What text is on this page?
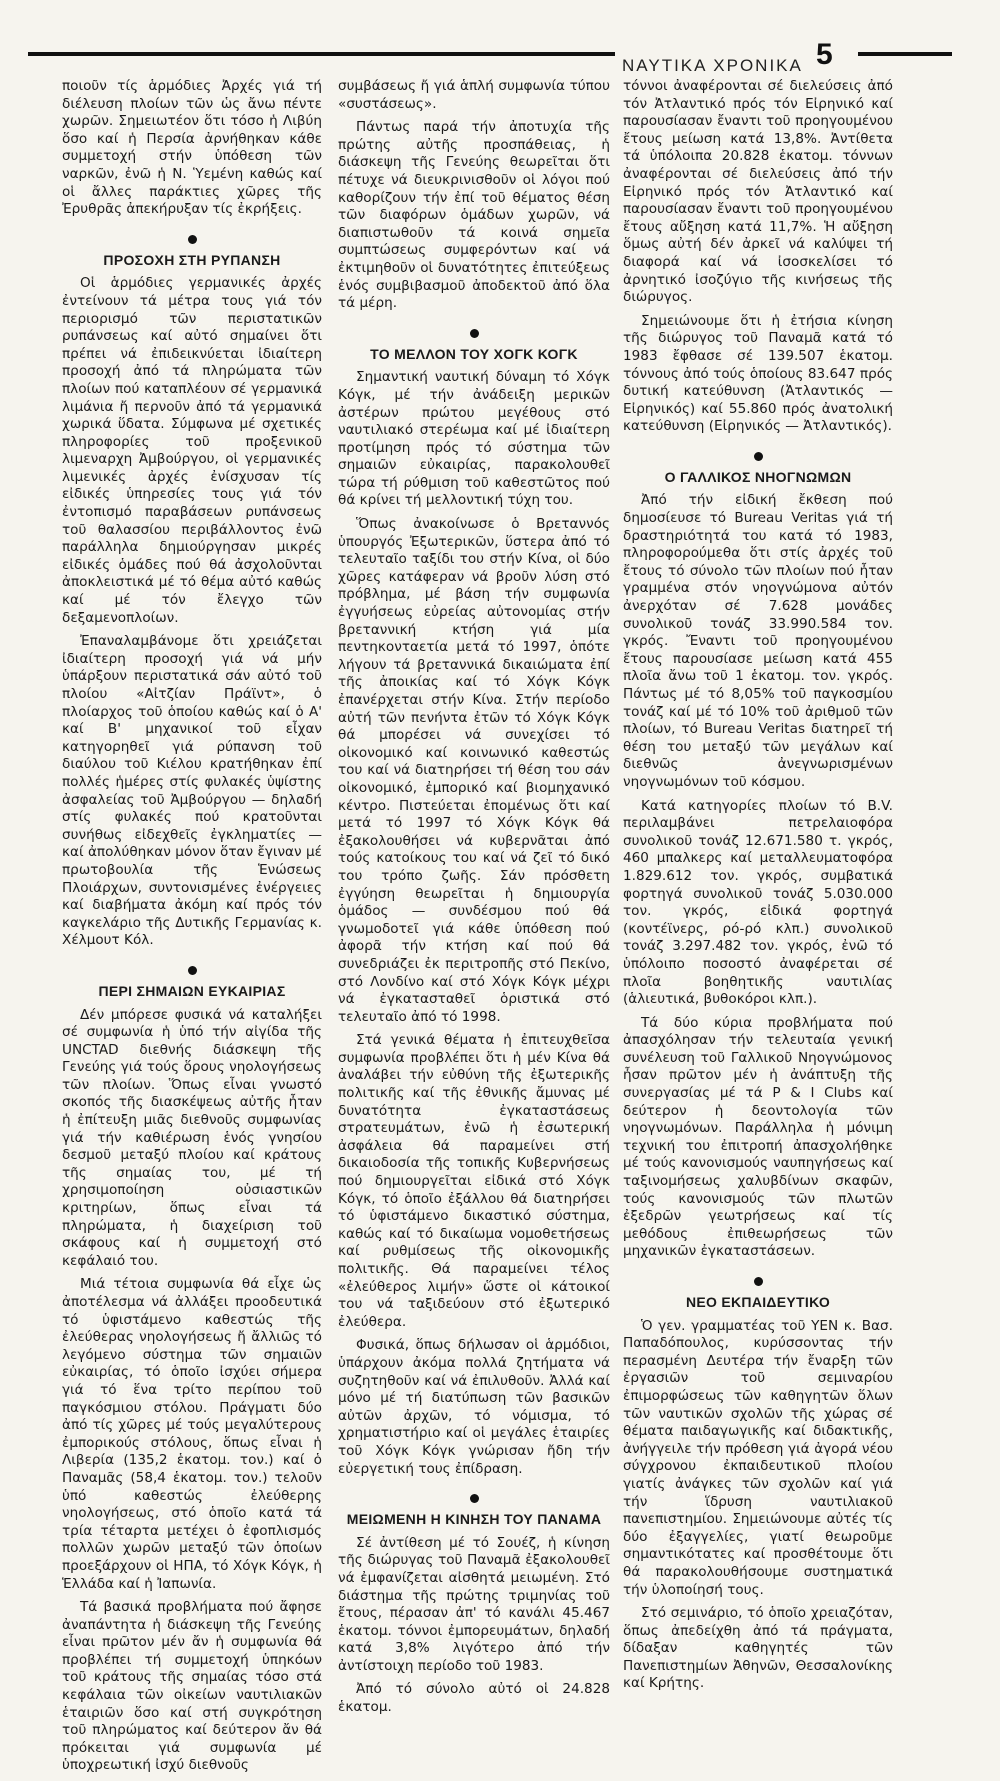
ΝΑΥΤΙΚΑ ΧΡΟΝΙΚΑ 5

ποιοῦν τίς ἁρμόδιες Ἀρχές γιά τή διέλευση πλοίων τῶν ὡς ἄνω πέντε χωρῶν. Σημειωτέον ὅτι τόσο ἡ Λιβύη ὅσο καί ἡ Περσία ἀρνήθηκαν κάθε συμμετοχή στήν ὑπόθεση τῶν ναρκῶν, ἐνῶ ἡ Ν. Ὑεμένη καθώς καί οἱ ἄλλες παράκτιες χῶρες τῆς Ἐρυθρᾶς ἀπεκήρυξαν τίς ἐκρήξεις.

ΠΡΟΣΟΧΗ ΣΤΗ ΡΥΠΑΝΣΗ

Οἱ ἁρμόδιες γερμανικές ἀρχές ἐντείνουν τά μέτρα τους γιά τόν περιορισμό τῶν περιστατικῶν ρυπάνσεως καί αὐτό σημαίνει ὅτι πρέπει νά ἐπιδεικνύεται ἰδιαίτερη προσοχή ἀπό τά πληρώματα τῶν πλοίων πού καταπλέουν σέ γερμανικά λιμάνια ἤ περνοῦν ἀπό τά γερμανικά χωρικά ὕδατα. Σύμφωνα μέ σχετικές πληροφορίες τοῦ προξενικοῦ λιμεναρχη Ἀμβούργου, οἱ γερμανικές λιμενικές ἀρχές ἐνίσχυσαν τίς εἰδικές ὑπηρεσίες τους γιά τόν ἐντοπισμό παραβάσεων ρυπάνσεως τοῦ θαλασσίου περιβάλλοντος ἐνῶ παράλληλα δημιούργησαν μικρές εἰδικές ὁμάδες πού θά ἀσχολοῦνται ἀποκλειστικά μέ τό θέμα αὐτό καθώς καί μέ τόν ἔλεγχο τῶν δεξαμενοπλοίων.

Ἐπαναλαμβάνομε ὅτι χρειάζεται ἰδιαίτερη προσοχή γιά νά μήν ὑπάρξουν περιστατικά σάν αὐτό τοῦ πλοίου «Αἰτζίαν Πράϊντ», ὁ πλοίαρχος τοῦ ὁποίου καθώς καί ὁ Α' καί Β' μηχανικοί τοῦ εἶχαν κατηγορηθεῖ γιά ρύπανση τοῦ διαύλου τοῦ Κιέλου κρατήθηκαν ἐπί πολλές ἡμέρες στίς φυλακές ὑψίστης ἀσφαλείας τοῦ Ἀμβούργου — δηλαδή στίς φυλακές πού κρατοῦνται συνήθως εἰδεχθεῖς ἐγκληματίες — καί ἀπολύθηκαν μόνον ὅταν ἔγιναν μέ πρωτοβουλία τῆς Ἑνώσεως Πλοιάρχων, συντονισμένες ἐνέργειες καί διαβήματα ἀκόμη καί πρός τόν καγκελάριο τῆς Δυτικῆς Γερμανίας κ. Χέλμουτ Κόλ.

ΠΕΡΙ ΣΗΜΑΙΩΝ ΕΥΚΑΙΡΙΑΣ

Δέν μπόρεσε φυσικά νά καταλήξει σέ συμφωνία ἡ ὑπό τήν αἰγίδα τῆς UNCTAD διεθνής διάσκεψη τῆς Γενεύης γιά τούς ὅρους νηολογήσεως τῶν πλοίων. Ὅπως εἶναι γνωστό σκοπός τῆς διασκέψεως αὐτῆς ἦταν ἡ ἐπίτευξη μιᾶς διεθνοῦς συμφωνίας γιά τήν καθιέρωση ἑνός γνησίου δεσμοῦ μεταξύ πλοίου καί κράτους τῆς σημαίας του, μέ τή χρησιμοποίηση οὐσιαστικῶν κριτηρίων, ὅπως εἶναι τά πληρώματα, ἡ διαχείριση τοῦ σκάφους καί ἡ συμμετοχή στό κεφάλαιό του.

Μιά τέτοια συμφωνία θά εἶχε ὡς ἀποτέλεσμα νά ἀλλάξει προοδευτικά τό ὑφιστάμενο καθεστώς τῆς ἐλεύθερας νηολογήσεως ἤ ἄλλιῶς τό λεγόμενο σύστημα τῶν σημαιῶν εὐκαιρίας, τό ὁποῖο ἰσχύει σήμερα γιά τό ἕνα τρίτο περίπου τοῦ παγκόσμιου στόλου. Πράγματι δύο ἀπό τίς χῶρες μέ τούς μεγαλύτερους ἐμπορικούς στόλους, ὅπως εἶναι ἡ Λιβερία (135,2 ἑκατομ. τον.) καί ὁ Παναμᾶς (58,4 ἑκατομ. τον.) τελοῦν ὑπό καθεστώς ἐλεύθερης νηολογήσεως, στό ὁποῖο κατά τά τρία τέταρτα μετέχει ὁ ἐφοπλισμός πολλῶν χωρῶν μεταξύ τῶν ὁποίων προεξάρχουν οἱ ΗΠΑ, τό Χόγκ Κόγκ, ἡ Ἑλλάδα καί ἡ Ἰαπωνία.

Τά βασικά προβλήματα πού ἄφησε ἀναπάντητα ἡ διάσκεψη τῆς Γενεύης εἶναι πρῶτον μέν ἄν ἡ συμφωνία θά προβλέπει τή συμμετοχή ὑπηκόων τοῦ κράτους τῆς σημαίας τόσο στά κεφάλαια τῶν οἰκείων ναυτιλιακῶν ἑταιριῶν ὅσο καί στή συγκρότηση τοῦ πληρώματος καί δεύτερον ἄν θά πρόκειται γιά συμφωνία μέ ὑποχρεωτική ἰσχύ διεθνοῦς

συμβάσεως ἤ γιά ἁπλή συμφωνία τύπου «συστάσεως».

Πάντως παρά τήν ἀποτυχία τῆς πρώτης αὐτῆς προσπάθειας, ἡ διάσκεψη τῆς Γενεύης θεωρεῖται ὅτι πέτυχε νά διευκρινισθοῦν οἱ λόγοι πού καθορίζουν τήν ἐπί τοῦ θέματος θέση τῶν διαφόρων ὁμάδων χωρῶν, νά διαπιστωθοῦν τά κοινά σημεῖα συμπτώσεως συμφερόντων καί νά ἐκτιμηθοῦν οἱ δυνατότητες ἐπιτεύξεως ἑνός συμβιβασμοῦ ἀποδεκτοῦ ἀπό ὅλα τά μέρη.

ΤΟ ΜΕΛΛΟΝ ΤΟΥ ΧΟΓΚ ΚΟΓΚ

Σημαντική ναυτική δύναμη τό Χόγκ Κόγκ, μέ τήν ἀνάδειξη μερικῶν ἀστέρων πρώτου μεγέθους στό ναυτιλιακό στερέωμα καί μέ ἰδιαίτερη προτίμηση πρός τό σύστημα τῶν σημαιῶν εὐκαιρίας, παρακολουθεῖ τώρα τή ρύθμιση τοῦ καθεστῶτος πού θά κρίνει τή μελλοντική τύχη του.

Ὅπως ἀνακοίνωσε ὁ Βρεταννός ὑπουργός Ἐξωτερικῶν, ὕστερα ἀπό τό τελευταῖο ταξίδι του στήν Κίνα, οἱ δύο χῶρες κατάφεραν νά βροῦν λύση στό πρόβλημα, μέ βάση τήν συμφωνία ἐγγυήσεως εὐρείας αὐτονομίας στήν βρεταννική κτήση γιά μία πεντηκονταετία μετά τό 1997, ὁπότε λήγουν τά βρεταννικά δικαιώματα ἐπί τῆς ἀποικίας καί τό Χόγκ Κόγκ ἐπανέρχεται στήν Κίνα. Στήν περίοδο αὐτή τῶν πενήντα ἐτῶν τό Χόγκ Κόγκ θά μπορέσει νά συνεχίσει τό οἰκονομικό καί κοινωνικό καθεστώς του καί νά διατηρήσει τή θέση του σάν οἰκονομικό, ἐμπορικό καί βιομηχανικό κέντρο. Πιστεύεται ἐπομένως ὅτι καί μετά τό 1997 τό Χόγκ Κόγκ θά ἐξακολουθήσει νά κυβερνᾶται ἀπό τούς κατοίκους του καί νά ζεῖ τό δικό του τρόπο ζωῆς. Σάν πρόσθετη ἐγγύηση θεωρεῖται ἡ δημιουργία ὁμάδος — συνδέσμου πού θά γνωμοδοτεῖ γιά κάθε ὑπόθεση πού ἀφορᾶ τήν κτήση καί πού θά συνεδριάζει ἐκ περιτροπῆς στό Πεκίνο, στό Λονδίνο καί στό Χόγκ Κόγκ μέχρι νά ἐγκατασταθεῖ ὁριστικά στό τελευταῖο ἀπό τό 1998.

Στά γενικά θέματα ἡ ἐπιτευχθεῖσα συμφωνία προβλέπει ὅτι ἡ μέν Κίνα θά ἀναλάβει τήν εὐθύνη τῆς ἐξωτερικῆς πολιτικῆς καί τῆς ἐθνικῆς ἄμυνας μέ δυνατότητα ἐγκαταστάσεως στρατευμάτων, ἐνῶ ἡ ἐσωτερική ἀσφάλεια θά παραμείνει στή δικαιοδοσία τῆς τοπικῆς Κυβερνήσεως πού δημιουργεῖται εἰδικά στό Χόγκ Κόγκ, τό ὁποῖο ἐξάλλου θά διατηρήσει τό ὑφιστάμενο δικαστικό σύστημα, καθώς καί τό δικαίωμα νομοθετήσεως καί ρυθμίσεως τῆς οἰκονομικῆς πολιτικῆς. Θά παραμείνει τέλος «ἐλεύθερος λιμήν» ὥστε οἱ κάτοικοί του νά ταξιδεύουν στό ἐξωτερικό ἐλεύθερα.

Φυσικά, ὅπως δήλωσαν οἱ ἁρμόδιοι, ὑπάρχουν ἀκόμα πολλά ζητήματα νά συζητηθοῦν καί νά ἐπιλυθοῦν. Ἀλλά καί μόνο μέ τή διατύπωση τῶν βασικῶν αὐτῶν ἀρχῶν, τό νόμισμα, τό χρηματιστήριο καί οἱ μεγάλες ἑταιρίες τοῦ Χόγκ Κόγκ γνώρισαν ἤδη τήν εὐεργετική τους ἐπίδραση.

ΜΕΙΩΜΕΝΗ Η ΚΙΝΗΣΗ ΤΟΥ ΠΑΝΑΜΑ

Σέ ἀντίθεση μέ τό Σουέζ, ἡ κίνηση τῆς διώρυγας τοῦ Παναμᾶ ἐξακολουθεῖ νά ἐμφανίζεται αἰσθητά μειωμένη. Στό διάστημα τῆς πρώτης τριμηνίας τοῦ ἔτους, πέρασαν ἀπ' τό κανάλι 45.467 ἑκατομ. τόννοι ἐμπορευμάτων, δηλαδή κατά 3,8% λιγότερο ἀπό τήν ἀντίστοιχη περίοδο τοῦ 1983.

Ἀπό τό σύνολο αὐτό οἱ 24.828 ἑκατομ.

τόννοι ἀναφέρονται σέ διελεύσεις ἀπό τόν Ἀτλαντικό πρός τόν Εἰρηνικό καί παρουσίασαν ἔναντι τοῦ προηγουμένου ἔτους μείωση κατά 13,8%. Ἀντίθετα τά ὑπόλοιπα 20.828 ἑκατομ. τόννων ἀναφέρονται σέ διελεύσεις ἀπό τήν Εἰρηνικό πρός τόν Ἀτλαντικό καί παρουσίασαν ἔναντι τοῦ προηγουμένου ἔτους αὔξηση κατά 11,7%. Ἡ αὔξηση ὅμως αὐτή δέν ἀρκεῖ νά καλύψει τή διαφορά καί νά ἰσοσκελίσει τό ἀρνητικό ἰσοζύγιο τῆς κινήσεως τῆς διώρυγος.

Σημειώνουμε ὅτι ἡ ἐτήσια κίνηση τῆς διώρυγος τοῦ Παναμᾶ κατά τό 1983 ἔφθασε σέ 139.507 ἑκατομ. τόννους ἀπό τούς ὁποίους 83.647 πρός δυτική κατεύθυνση (Ἀτλαντικός — Εἰρηνικός) καί 55.860 πρός ἀνατολική κατεύθυνση (Εἰρηνικός — Ἀτλαντικός).

Ο ΓΑΛΛΙΚΟΣ ΝΗΟΓΝΩΜΩΝ

Ἀπό τήν εἰδική ἔκθεση πού δημοσίευσε τό Bureau Veritas γιά τή δραστηριότητά του κατά τό 1983, πληροφορούμεθα ὅτι στίς ἀρχές τοῦ ἔτους τό σύνολο τῶν πλοίων πού ἦταν γραμμένα στόν νηογνώμονα αὐτόν ἀνερχόταν σέ 7.628 μονάδες συνολικοῦ τονάζ 33.990.584 τον. γκρός. Ἔναντι τοῦ προηγουμένου ἔτους παρουσίασε μείωση κατά 455 πλοῖα ἄνω τοῦ 1 ἑκατομ. τον. γκρός. Πάντως μέ τό 8,05% τοῦ παγκοσμίου τονάζ καί μέ τό 10% τοῦ ἀριθμοῦ τῶν πλοίων, τό Bureau Veritas διατηρεῖ τή θέση του μεταξύ τῶν μεγάλων καί διεθνῶς ἀνεγνωρισμένων νηογνωμόνων τοῦ κόσμου.

Κατά κατηγορίες πλοίων τό Β.V. περιλαμβάνει πετρελαιοφόρα συνολικοῦ τονάζ 12.671.580 τ. γκρός, 460 μπαλκερς καί μεταλλευματοφόρα 1.829.612 τον. γκρός, συμβατικά φορτηγά συνολικοῦ τονάζ 5.030.000 τον. γκρός, εἰδικά φορτηγά (κοντέϊνερς, ρό-ρό κλπ.) συνολικοῦ τονάζ 3.297.482 τον. γκρός, ἐνῶ τό ὑπόλοιπο ποσοστό ἀναφέρεται σέ πλοῖα βοηθητικῆς ναυτιλίας (ἁλιευτικά, βυθοκόροι κλπ.).

Τά δύο κύρια προβλήματα πού ἀπασχόλησαν τήν τελευταία γενική συνέλευση τοῦ Γαλλικοῦ Νηογνώμονος ἦσαν πρῶτον μέν ἡ ἀνάπτυξη τῆς συνεργασίας μέ τά P & I Clubs καί δεύτερον ἡ δεοντολογία τῶν νηογνωμόνων. Παράλληλα ἡ μόνιμη τεχνική του ἐπιτροπή ἀπασχολήθηκε μέ τούς κανονισμούς ναυπηγήσεως καί ταξινομήσεως χαλυβδίνων σκαφῶν, τούς κανονισμούς τῶν πλωτῶν ἐξεδρῶν γεωτρήσεως καί τίς μεθόδους ἐπιθεωρήσεως τῶν μηχανικῶν ἐγκαταστάσεων.

ΝΕΟ ΕΚΠΑΙΔΕΥΤΙΚΟ

Ὁ γεν. γραμματέας τοῦ ΥΕΝ κ. Βασ. Παπαδόπουλος, κυρύσσοντας τήν περασμένη Δευτέρα τήν ἔναρξη τῶν ἐργασιῶν τοῦ σεμιναρίου ἐπιμορφώσεως τῶν καθηγητῶν ὅλων τῶν ναυτικῶν σχολῶν τῆς χώρας σέ θέματα παιδαγωγικῆς καί διδακτικῆς, ἀνήγγειλε τήν πρόθεση γιά ἀγορά νέου σύγχρονου ἐκπαιδευτικοῦ πλοίου γιατίς ἀνάγκες τῶν σχολῶν καί γιά τήν ἵδρυση ναυτιλιακοῦ πανεπιστημίου. Σημειώνουμε αὐτές τίς δύο ἐξαγγελίες, γιατί θεωροῦμε σημαντικότατες καί προσθέτουμε ὅτι θά παρακολουθήσουμε συστηματικά τήν ὑλοποίησή τους.

Στό σεμινάριο, τό ὁποῖο χρειαζόταν, ὅπως ἀπεδείχθη ἀπό τά πράγματα, δίδαξαν καθηγητές τῶν Πανεπιστημίων Ἀθηνῶν, Θεσσαλονίκης καί Κρήτης.
